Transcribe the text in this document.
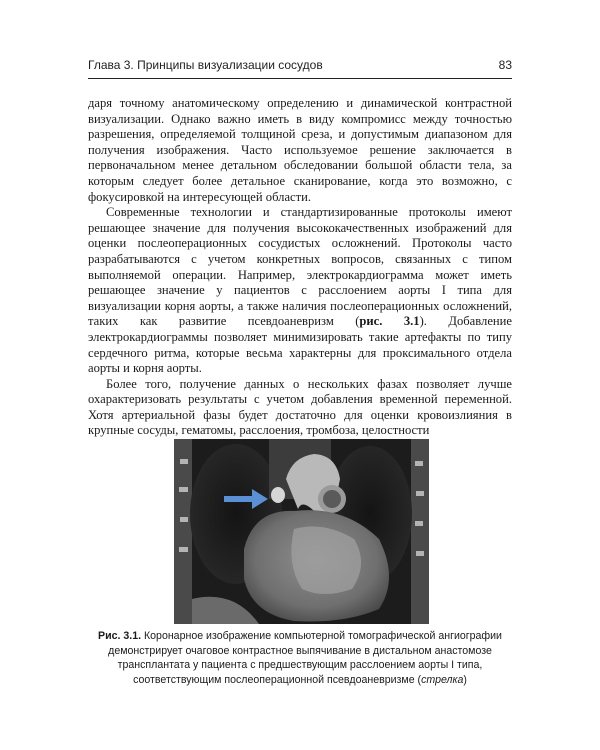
Глава 3. Принципы визуализации сосудов	83

даря точному анатомическому определению и динамической контрастной визуализации. Однако важно иметь в виду компромисс между точностью разрешения, определяемой толщиной среза, и допустимым диапазоном для получения изображения. Часто используемое решение заключается в первоначальном менее детальном обследовании большой области тела, за которым следует более детальное сканирование, когда это возможно, с фокусировкой на интересующей области.

Современные технологии и стандартизированные протоколы имеют решающее значение для получения высококачественных изображений для оценки послеоперационных сосудистых осложнений. Протоколы часто разрабатываются с учетом конкретных вопросов, связанных с типом выполняемой операции. Например, электрокардиограмма может иметь решающее значение у пациентов с расслоением аорты I типа для визуализации корня аорты, а также наличия послеоперационных осложнений, таких как развитие псевдоаневризм (рис. 3.1). Добавление электрокардиограммы позволяет минимизировать такие артефакты по типу сердечного ритма, которые весьма характерны для проксимального отдела аорты и корня аорты.

Более того, получение данных о нескольких фазах позволяет лучше охарактеризовать результаты с учетом добавления временной переменной. Хотя артериальной фазы будет достаточно для оценки кровоизлияния в крупные сосуды, гематомы, расслоения, тромбоза, целостности

Рис. 3.1. Коронарное изображение компьютерной томографической ангиографии демонстрирует очаговое контрастное выпячивание в дистальном анастомозе трансплантата у пациента с предшествующим расслоением аорты I типа, соответствующим послеоперационной псевдоаневризме (стрелка)
